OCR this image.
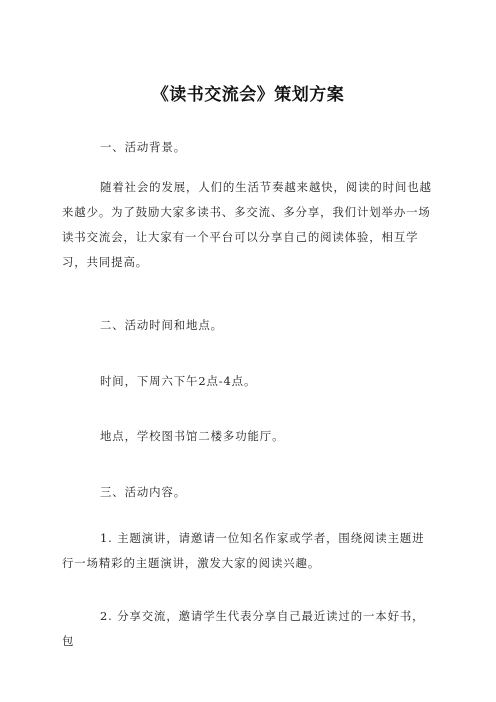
《读书交流会》策划方案

一、活动背景。

随着社会的发展，人们的生活节奏越来越快，阅读的时间也越来越少。为了鼓励大家多读书、多交流、多分享，我们计划举办一场读书交流会，让大家有一个平台可以分享自己的阅读体验，相互学习，共同提高。

二、活动时间和地点。

时间，下周六下午2点-4点。

地点，学校图书馆二楼多功能厅。

三、活动内容。

1. 主题演讲，请邀请一位知名作家或学者，围绕阅读主题进行一场精彩的主题演讲，激发大家的阅读兴趣。

2. 分享交流，邀请学生代表分享自己最近读过的一本好书，包
